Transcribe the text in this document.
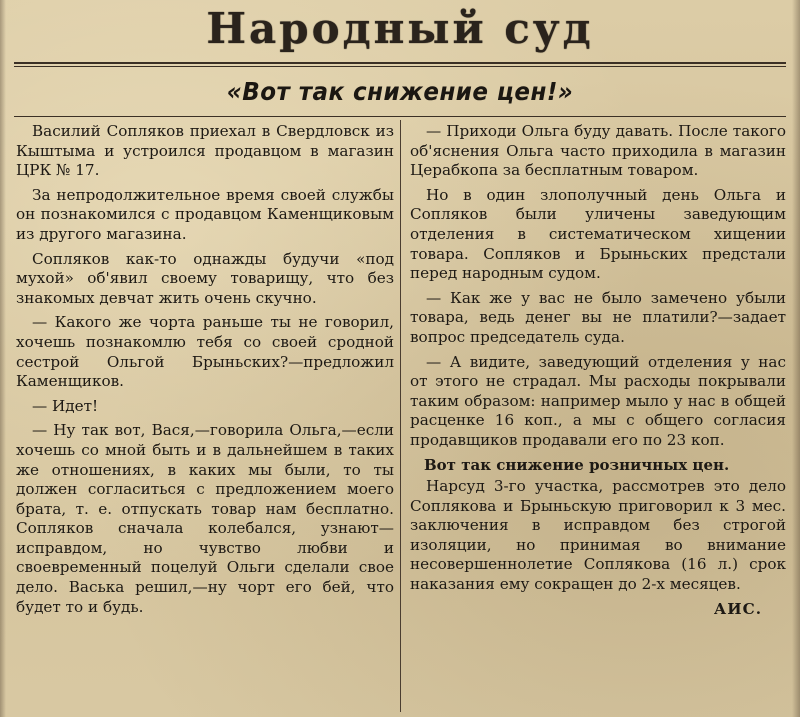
Народный суд
«Вот так снижение цен!»

Василий Сопляков приехал в Свердловск из Кыштыма и устроился продавцом в магазин ЦРК № 17.

За непродолжительное время своей службы он познакомился с продавцом Каменщиковым из другого магазина.

Сопляков как-то однажды будучи «под мухой» об'явил своему товарищу, что без знакомых девчат жить очень скучно.

— Какого же чорта раньше ты не говорил, хочешь познакомлю тебя со своей сродной сестрой Ольгой Брыньских?—предложил Каменщиков.

— Идет!

— Ну так вот, Вася,—говорила Ольга,—если хочешь со мной быть и в дальнейшем в таких же отношениях, в каких мы были, то ты должен согласиться с предложением моего брата, т. е. отпускать товар нам бесплатно. Сопляков сначала колебался, узнают—исправдом, но чувство любви и своевременный поцелуй Ольги сделали свое дело. Васька решил,—ну чорт его бей, что будет то и будь.

— Приходи Ольга буду давать. После такого об'яснения Ольга часто приходила в магазин Церабкопа за бесплатным товаром.

Но в один злополучный день Ольга и Сопляков были уличены заведующим отделения в систематическом хищении товара. Сопляков и Брыньских предстали перед народным судом.

— Как же у вас не было замечено убыли товара, ведь денег вы не платили?—задает вопрос председатель суда.

— А видите, заведующий отделения у нас от этого не страдал. Мы расходы покрывали таким образом: например мыло у нас в общей расценке 16 коп., а мы с общего согласия продавщиков продавали его по 23 коп.

Вот так снижение розничных цен.

Нарсуд 3-го участка, рассмотрев это дело Соплякова и Брыньскую приговорил к 3 мес. заключения в исправдом без строгой изоляции, но принимая во внимание несовершеннолетие Соплякова (16 л.) срок наказания ему сокращен до 2-х месяцев.

АИС.
